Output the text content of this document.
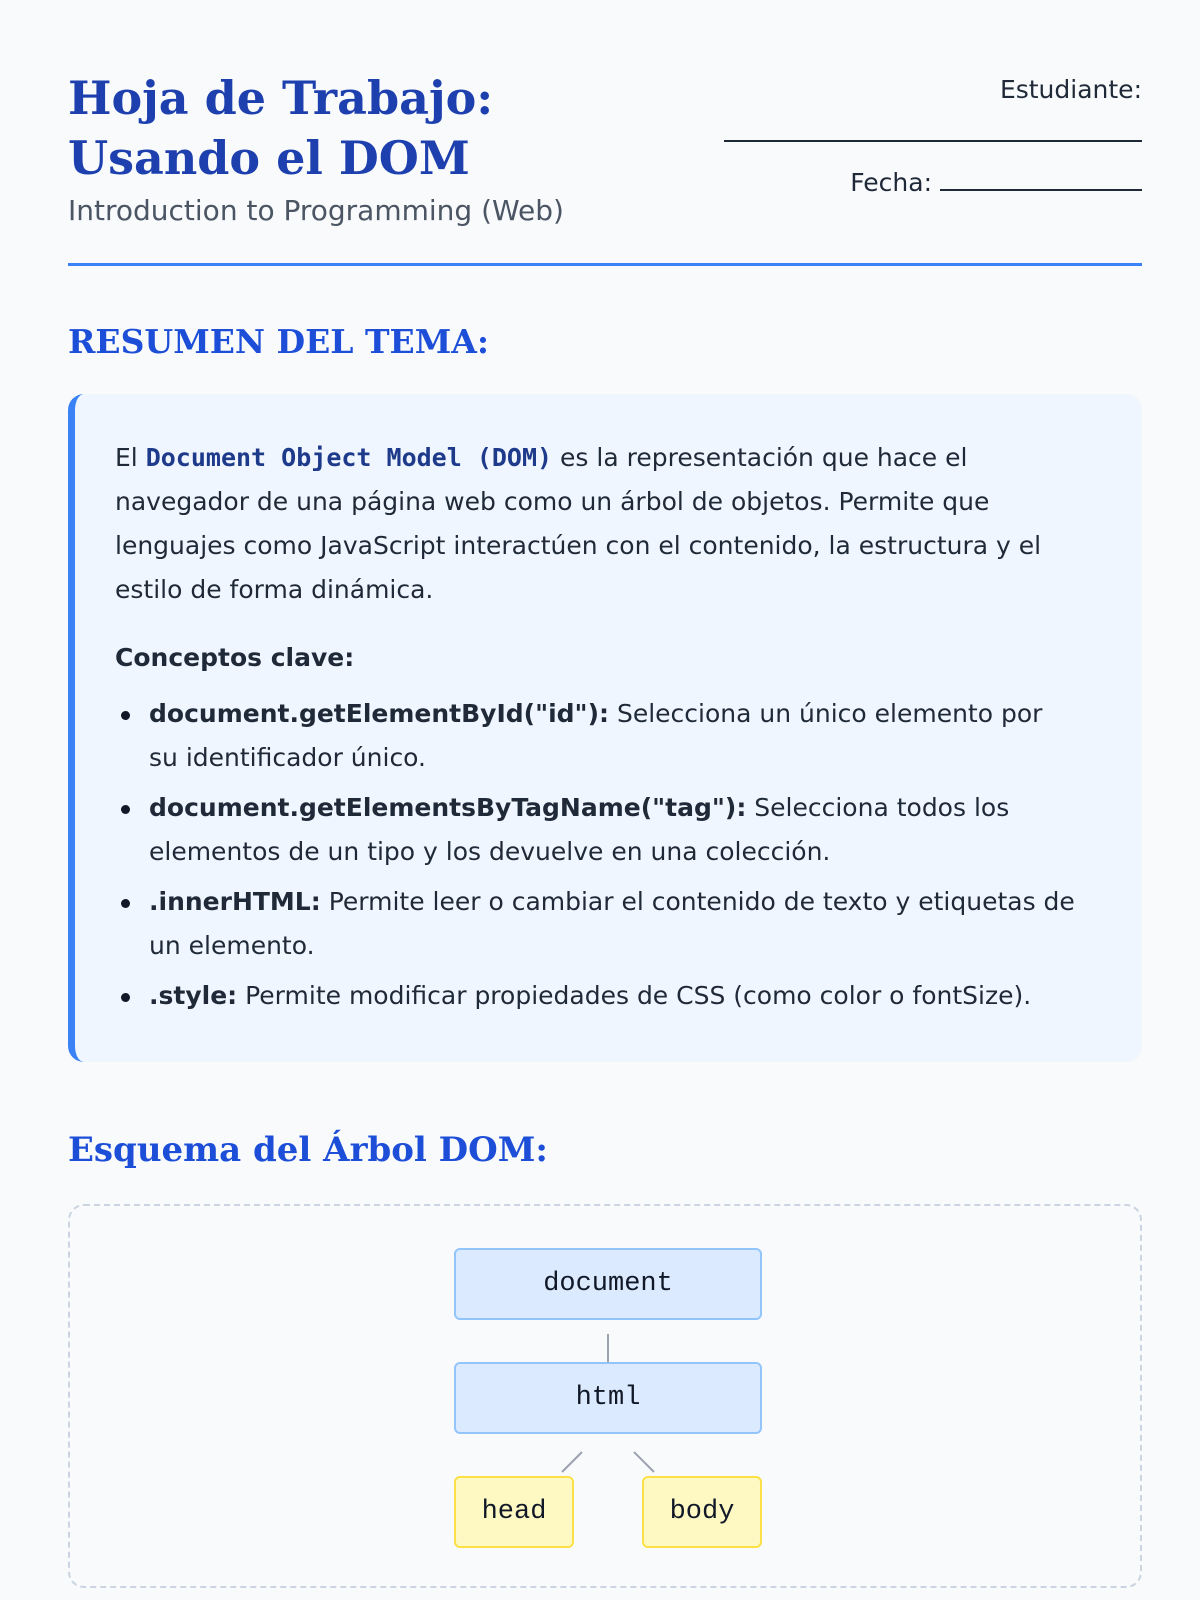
Hoja de Trabajo: Usando el DOM
Introduction to Programming (Web)
Estudiante:
Fecha:
RESUMEN DEL TEMA:

El Document Object Model (DOM) es la representación que hace el navegador de una página web como un árbol de objetos. Permite que lenguajes como JavaScript interactúen con el contenido, la estructura y el estilo de forma dinámica.

Conceptos clave:

document.getElementById("id"): Selecciona un único elemento por su identificador único.
document.getElementsByTagName("tag"): Selecciona todos los elementos de un tipo y los devuelve en una colección.
.innerHTML: Permite leer o cambiar el contenido de texto y etiquetas de un elemento.
.style: Permite modificar propiedades de CSS (como color o fontSize).
Esquema del Árbol DOM:
document
html
head	body
